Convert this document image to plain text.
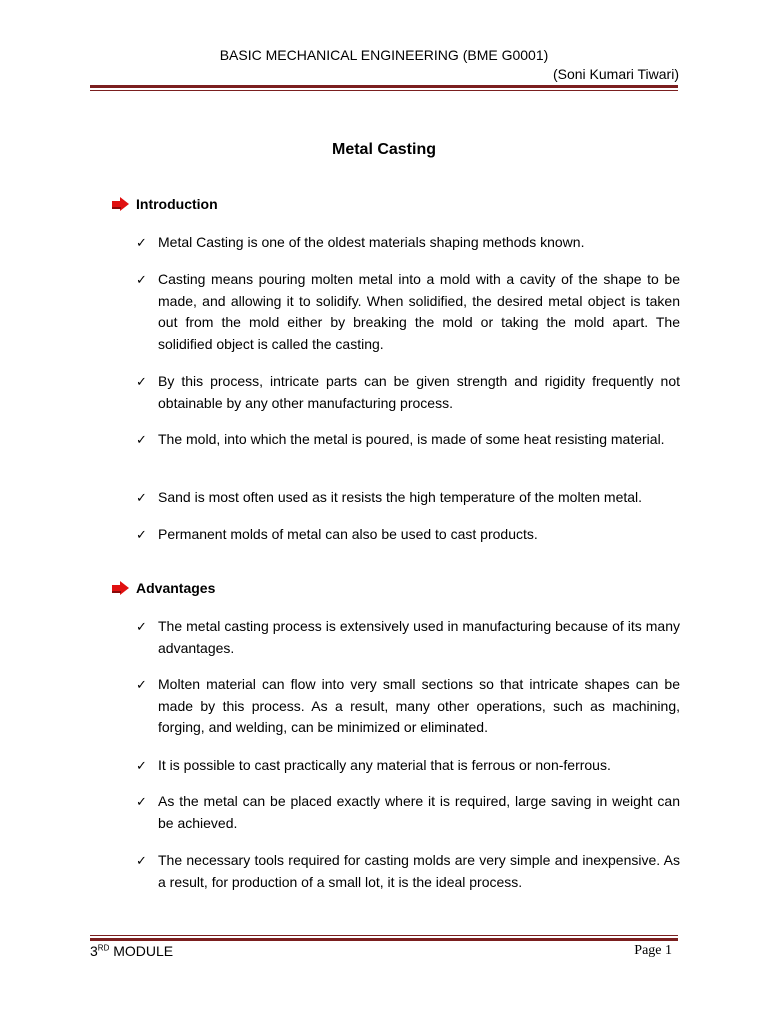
BASIC MECHANICAL ENGINEERING (BME G0001)
(Soni Kumari Tiwari)
Metal Casting
Introduction
✓ Metal Casting is one of the oldest materials shaping methods known.
✓ Casting means pouring molten metal into a mold with a cavity of the shape to be made, and allowing it to solidify. When solidified, the desired metal object is taken out from the mold either by breaking the mold or taking the mold apart. The solidified object is called the casting.
✓ By this process, intricate parts can be given strength and rigidity frequently not obtainable by any other manufacturing process.
✓ The mold, into which the metal is poured, is made of some heat resisting material.
✓ Sand is most often used as it resists the high temperature of the molten metal.
✓ Permanent molds of metal can also be used to cast products.
Advantages
✓ The metal casting process is extensively used in manufacturing because of its many advantages.
✓ Molten material can flow into very small sections so that intricate shapes can be made by this process. As a result, many other operations, such as machining, forging, and welding, can be minimized or eliminated.
✓ It is possible to cast practically any material that is ferrous or non-ferrous.
✓ As the metal can be placed exactly where it is required, large saving in weight can be achieved.
✓ The necessary tools required for casting molds are very simple and inexpensive. As a result, for production of a small lot, it is the ideal process.
3RD MODULE	Page 1
